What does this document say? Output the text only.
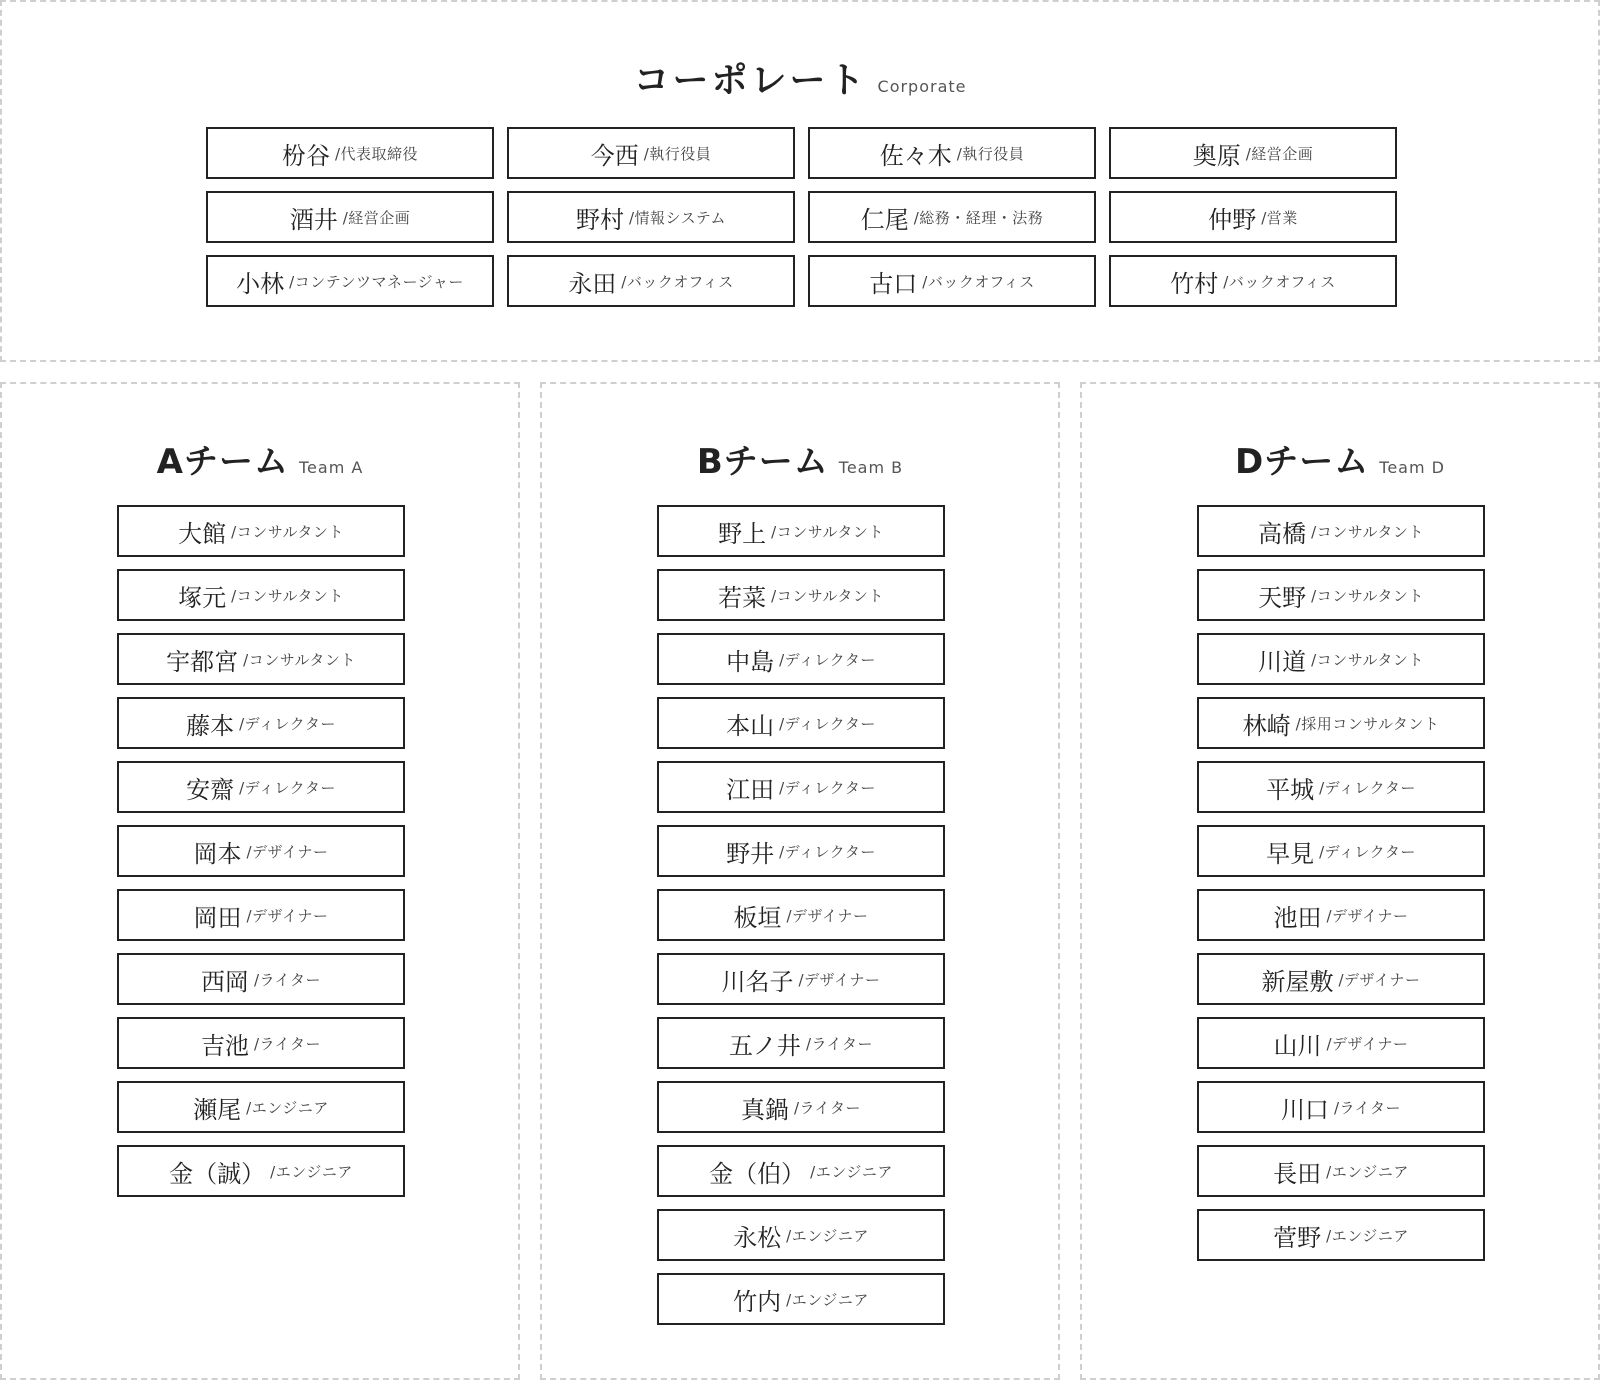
コーポレート Corporate
枌谷 /代表取締役	今西 /執行役員	佐々木 /執行役員	奥原 /経営企画
酒井 /経営企画	野村 /情報システム	仁尾 /総務・経理・法務	仲野 /営業
小林 /コンテンツマネージャー	永田 /バックオフィス	古口 /バックオフィス	竹村 /バックオフィス
Aチーム Team A
大館 /コンサルタント
塚元 /コンサルタント
宇都宮 /コンサルタント
藤本 /ディレクター
安齋 /ディレクター
岡本 /デザイナー
岡田 /デザイナー
西岡 /ライター
吉池 /ライター
瀬尾 /エンジニア
金（誠） /エンジニア
Bチーム Team B
野上 /コンサルタント
若菜 /コンサルタント
中島 /ディレクター
本山 /ディレクター
江田 /ディレクター
野井 /ディレクター
板垣 /デザイナー
川名子 /デザイナー
五ノ井 /ライター
真鍋 /ライター
金（伯） /エンジニア
永松 /エンジニア
竹内 /エンジニア
Dチーム Team D
高橋 /コンサルタント
天野 /コンサルタント
川道 /コンサルタント
林崎 /採用コンサルタント
平城 /ディレクター
早見 /ディレクター
池田 /デザイナー
新屋敷 /デザイナー
山川 /デザイナー
川口 /ライター
長田 /エンジニア
菅野 /エンジニア
